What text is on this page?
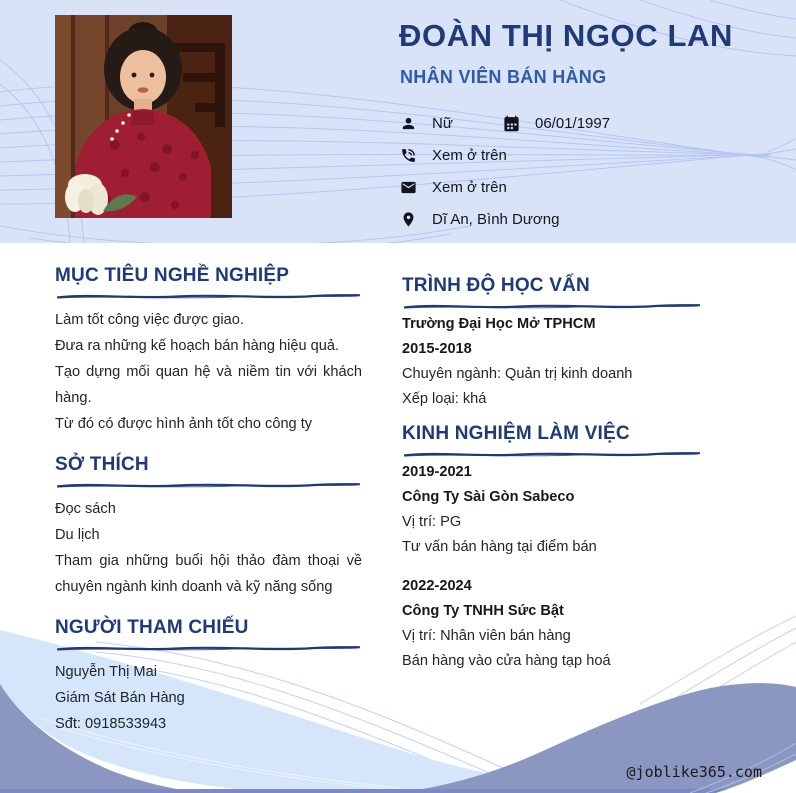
ĐOÀN THỊ NGỌC LAN
NHÂN VIÊN BÁN HÀNG
Nữ	06/01/1997
Xem ở trên
Xem ở trên
Dĩ An, Bình Dương
MỤC TIÊU NGHỀ NGHIỆP

Làm tốt công việc được giao.

Đưa ra những kế hoạch bán hàng hiệu quả.

Tạo dựng mối quan hệ và niềm tin với khách hàng.

Từ đó có được hình ảnh tốt cho công ty

SỞ THÍCH

Đọc sách

Du lịch

Tham gia những buổi hội thảo đàm thoại về chuyên ngành kinh doanh và kỹ năng sống

NGƯỜI THAM CHIẾU

Nguyễn Thị Mai

Giám Sát Bán Hàng

Sđt: 0918533943

TRÌNH ĐỘ HỌC VẤN

Trường Đại Học Mở TPHCM

2015-2018

Chuyên ngành: Quản trị kinh doanh

Xếp loại: khá

KINH NGHIỆM LÀM VIỆC

2019-2021

Công Ty Sài Gòn Sabeco

Vị trí: PG

Tư vấn bán hàng tại điểm bán

2022-2024

Công Ty TNHH Sức Bật

Vị trí: Nhân viên bán hàng

Bán hàng vào cửa hàng tạp hoá

@joblike365.com
